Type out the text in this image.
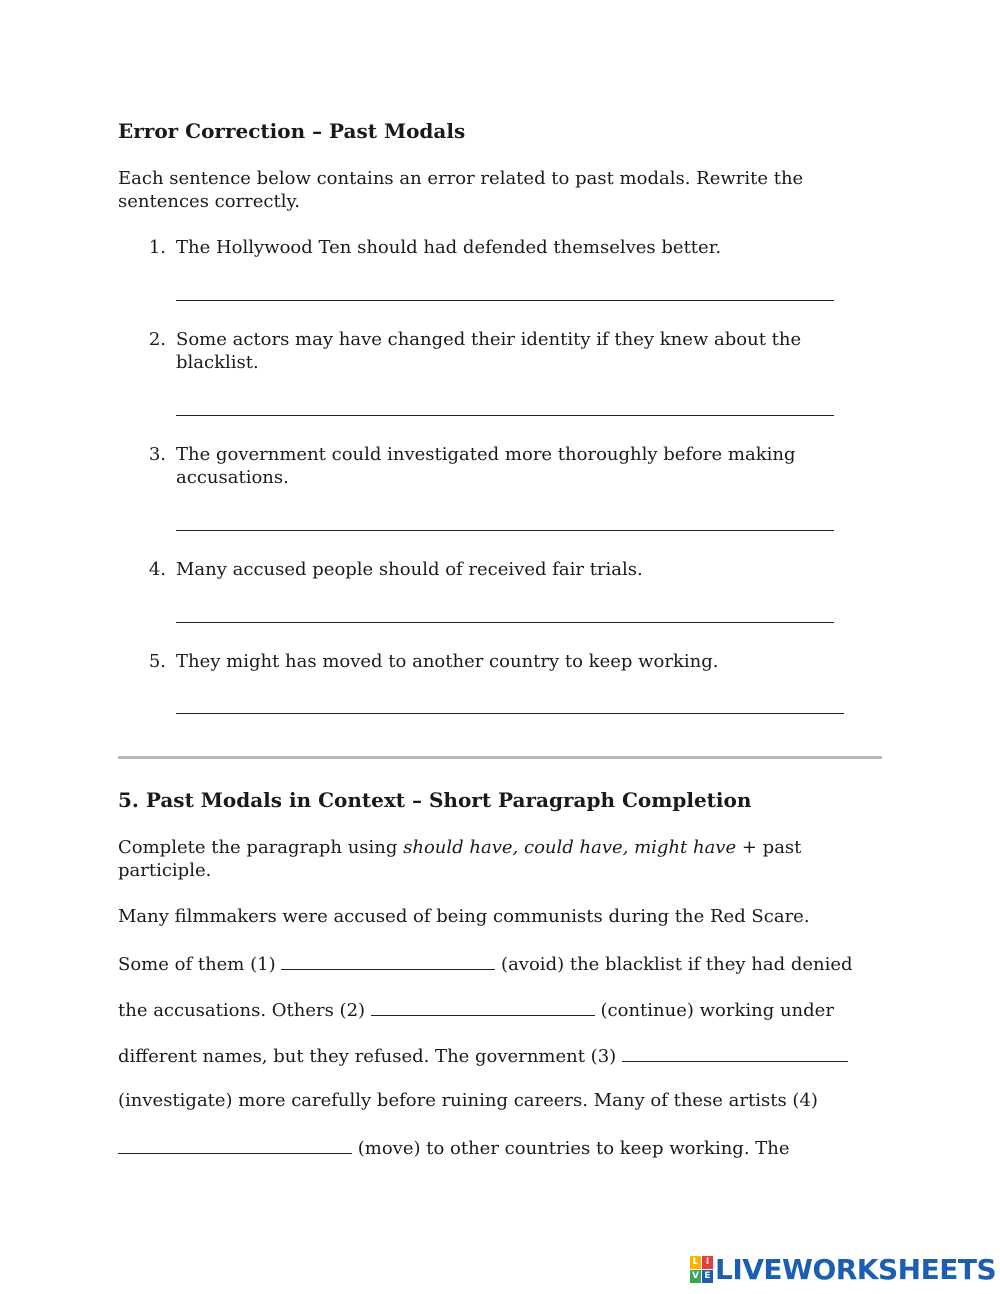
Error Correction – Past Modals
Each sentence below contains an error related to past modals. Rewrite the sentences correctly.
1. The Hollywood Ten should had defended themselves better.
2. Some actors may have changed their identity if they knew about the blacklist.
3. The government could investigated more thoroughly before making accusations.
4. Many accused people should of received fair trials.
5. They might has moved to another country to keep working.
5. Past Modals in Context – Short Paragraph Completion
Complete the paragraph using should have, could have, might have + past participle.
Many filmmakers were accused of being communists during the Red Scare.
Some of them (1)	(avoid) the blacklist if they had denied
the accusations. Others (2)	(continue) working under
different names, but they refused. The government (3)
(investigate) more carefully before ruining careers. Many of these artists (4)
(move) to other countries to keep working. The
L I
V E LIVEWORKSHEETS
